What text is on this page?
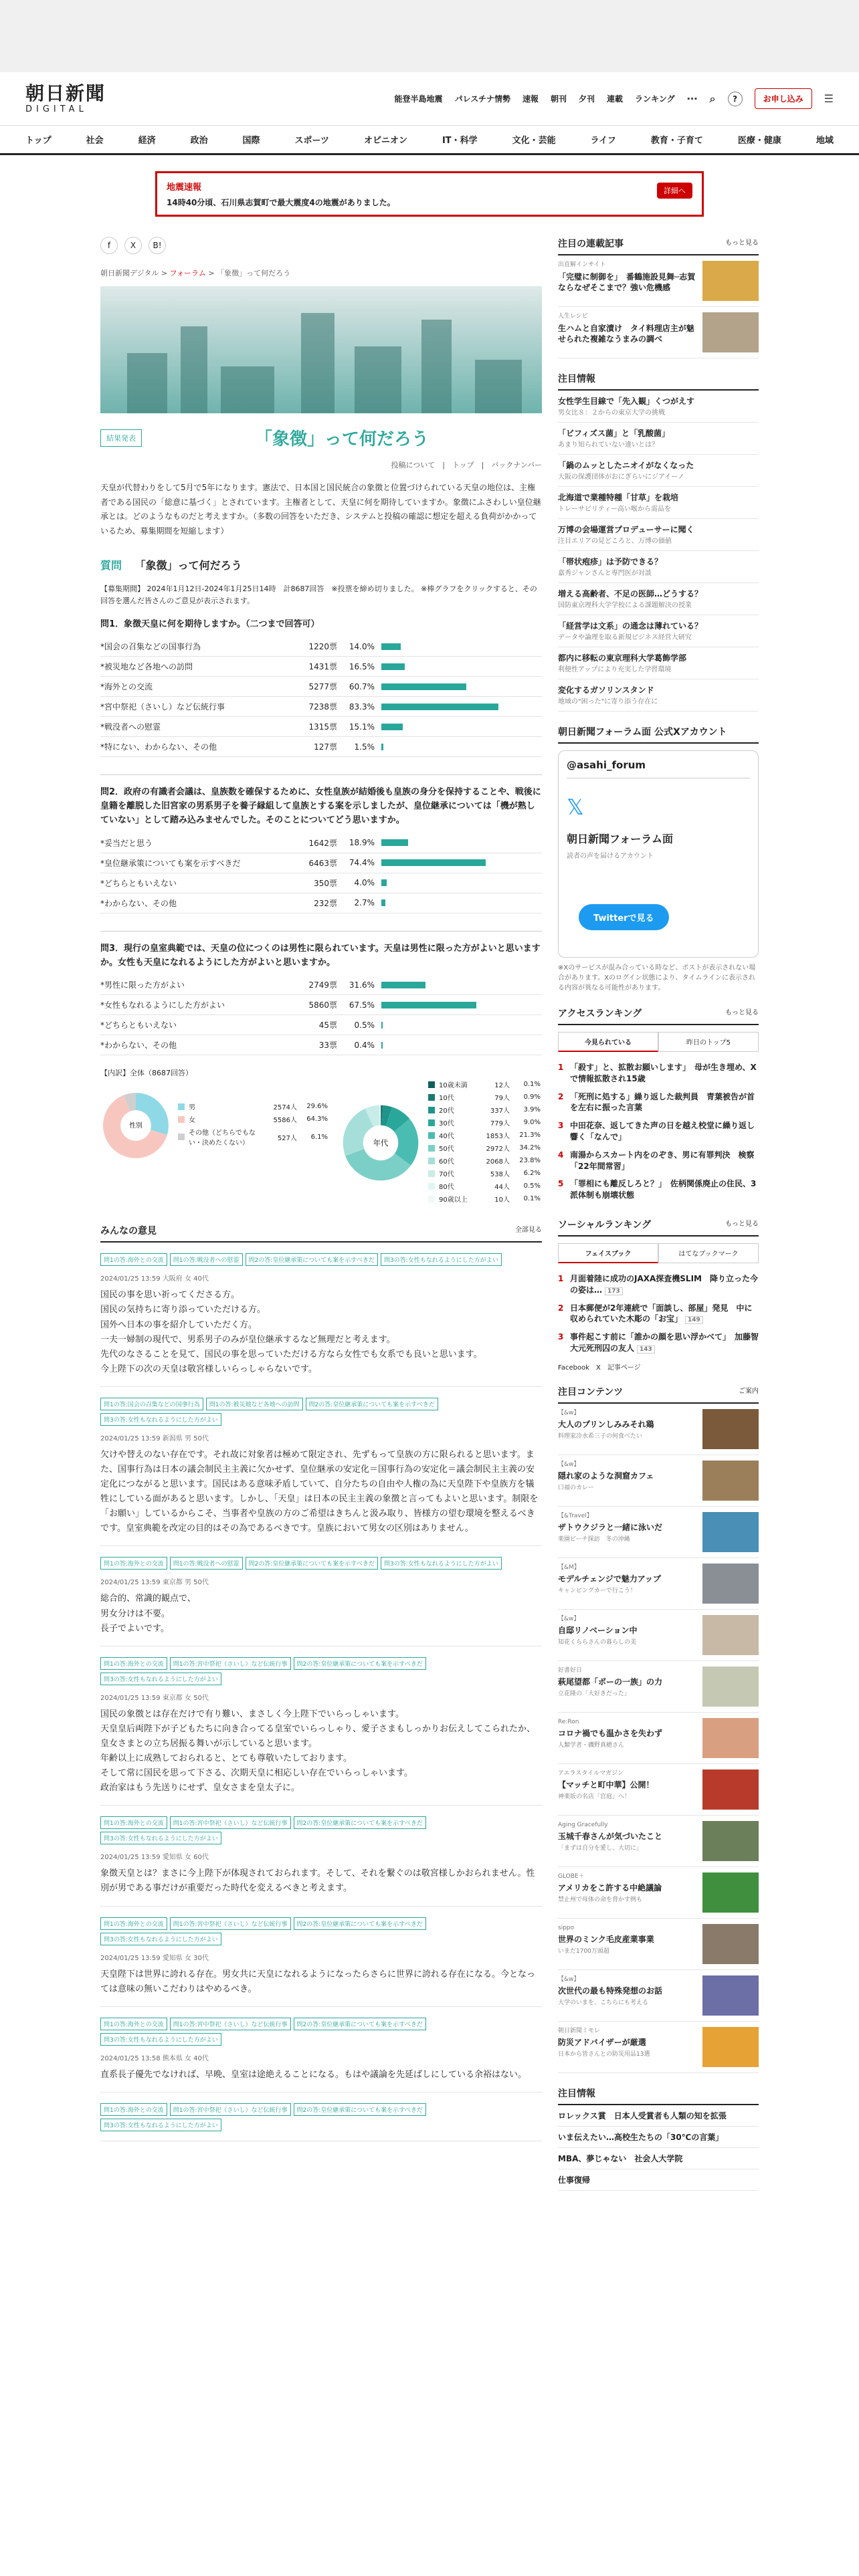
朝日新聞
DIGITAL
能登半島地震 パレスチナ情勢 速報 朝刊 夕刊 連載 ランキング ⋯ ⌕	?	お申し込み	☰
トップ	社会	経済	政治	国際	スポーツ	オピニオン	IT・科学	文化・芸能	ライフ	教育・子育て	医療・健康	地域
地震速報
14時40分頃、石川県志賀町で最大震度4の地震がありました。
詳細へ
f	X	B!
朝日新聞デジタル > フォーラム > 「象徴」って何だろう
結果発表	「象徴」って何だろう
投稿について　|　トップ　|　バックナンバー

天皇が代替わりをして5月で5年になります。憲法で、日本国と国民統合の象徴と位置づけられている天皇の地位は、主権者である国民の「総意に基づく」とされています。主権者として、天皇に何を期待していますか。象徴にふさわしい皇位継承とは。どのようなものだと考えますか。（多数の回答をいただき、システムと投稿の確認に想定を超える負荷がかかっているため、募集期間を短縮します）

質問 「象徴」って何だろう

【募集期間】 2024年1月12日-2024年1月25日14時　計8687回答　※投票を締め切りました。 ※棒グラフをクリックすると、その回答を選んだ皆さんのご意見が表示されます。

問1．象徴天皇に何を期待しますか。（二つまで回答可）
*国会の召集などの国事行為	1220票	14.0%
*被災地など各地への訪問	1431票	16.5%
*海外との交流	5277票	60.7%
*宮中祭祀（さいし）など伝統行事	7238票	83.3%
*戦没者への慰霊	1315票	15.1%
*特にない、わからない、その他	127票	1.5%
問2．政府の有識者会議は、皇族数を確保するために、女性皇族が結婚後も皇族の身分を保持することや、戦後に皇籍を離脱した旧宮家の男系男子を養子縁組して皇族とする案を示しましたが、皇位継承については「機が熟していない」として踏み込みませんでした。そのことについてどう思いますか。
*妥当だと思う	1642票	18.9%
*皇位継承策についても案を示すべきだ	6463票	74.4%
*どちらともいえない	350票	4.0%
*わからない、その他	232票	2.7%
問3．現行の皇室典範では、天皇の位につくのは男性に限られています。天皇は男性に限った方がよいと思いますか。女性も天皇になれるようにした方がよいと思いますか。
*男性に限った方がよい	2749票	31.6%
*女性もなれるようにした方がよい	5860票	67.5%
*どちらともいえない	45票	0.5%
*わからない、その他	33票	0.4%
【内訳】全体（8687回答）
性別
男	2574人	29.6%
女	5586人	64.3%
その他（どちらでもない・決めたくない）
527人	6.1%
年代
10歳未満	12人	0.1%
10代	79人	0.9%
20代	337人	3.9%
30代	779人	9.0%
40代	1853人	21.3%
50代	2972人	34.2%
60代	2068人	23.8%
70代	538人	6.2%
80代	44人	0.5%
90歳以上	10人	0.1%
みんなの意見	全部見る
問1の答:海外との交流	問1の答:戦没者への慰霊	問2の答:皇位継承策についても案を示すべきだ	問3の答:女性もなれるようにした方がよい
2024/01/25 13:59 大阪府 女 40代
国民の事を思い祈ってくださる方。
国民の気持ちに寄り添っていただける方。
国外へ日本の事を紹介していただく方。
一夫一婦制の現代で、男系男子のみが皇位継承するなど無理だと考えます。
先代のなさることを見て、国民の事を思っていただける方なら女性でも女系でも良いと思います。
今上陛下の次の天皇は敬宮様しいらっしゃらないです。
問1の答:国会の召集などの国事行為	問1の答:被災地など各地への訪問	問2の答:皇位継承策についても案を示すべきだ
問3の答:女性もなれるようにした方がよい
2024/01/25 13:59 新潟県 男 50代
欠けや替えのない存在です。それ故に対象者は極めて限定され、先ずもって皇族の方に限られると思います。また、国事行為は日本の議会制民主主義に欠かせず、皇位継承の安定化＝国事行為の安定化＝議会制民主主義の安定化につながると思います。国民はある意味矛盾していて、自分たちの自由や人権の為に天皇陛下や皇族方を犠牲にしている面があると思います。しかし、「天皇」は日本の民主主義の象徴と言ってもよいと思います。制限を「お願い」しているからこそ、当事者や皇族の方のご希望はきちんと汲み取り、皆様方の望む環境を整えるべきです。皇室典範を改定の目的はその為であるべきです。皇族において男女の区別はありません。
問1の答:海外との交流	問1の答:戦没者への慰霊	問2の答:皇位継承策についても案を示すべきだ	問3の答:女性もなれるようにした方がよい
2024/01/25 13:59 東京都 男 50代
総合的、常識的観点で、
男女分けは不要。
長子でよいです。
問1の答:海外との交流	問1の答:宮中祭祀（さいし）など伝統行事	問2の答:皇位継承策についても案を示すべきだ
問3の答:女性もなれるようにした方がよい
2024/01/25 13:59 東京都 女 50代
国民の象徴とは存在だけで有り難い、まさしく今上陛下でいらっしゃいます。
天皇皇后両陛下が子どもたちに向き合ってる皇室でいらっしゃり、愛子さまもしっかりお伝えしてこられたか、皇女さまとの立ち居振る舞いが示していると思います。
年齢以上に成熟しておられると、とても尊敬いたしております。
そして常に国民を思って下さる、次期天皇に相応しい存在でいらっしゃいます。
政治家はもう先送りにせず、皇女さまを皇太子に。
問1の答:海外との交流	問1の答:宮中祭祀（さいし）など伝統行事	問2の答:皇位継承策についても案を示すべきだ
問3の答:女性もなれるようにした方がよい
2024/01/25 13:59 愛知県 女 60代
象徴天皇とは？まさに今上陛下が体現されておられます。そして、それを繋ぐのは敬宮様しかおられません。性別が男である事だけが重要だった時代を変えるべきと考えます。
問1の答:海外との交流	問1の答:宮中祭祀（さいし）など伝統行事	問2の答:皇位継承策についても案を示すべきだ
問3の答:女性もなれるようにした方がよい
2024/01/25 13:59 愛知県 女 30代
天皇陛下は世界に誇れる存在。男女共に天皇になれるようになったらさらに世界に誇れる存在になる。今となっては意味の無いこだわりはやめるべき。
問1の答:海外との交流	問1の答:宮中祭祀（さいし）など伝統行事	問2の答:皇位継承策についても案を示すべきだ
問3の答:女性もなれるようにした方がよい
2024/01/25 13:58 熊本県 女 40代
直系長子優先でなければ、早晩、皇室は途絶えることになる。もはや議論を先延ばしにしている余裕はない。
問1の答:海外との交流	問1の答:宮中祭祀（さいし）など伝統行事	問2の答:皇位継承策についても案を示すべきだ
問3の答:女性もなれるようにした方がよい
注目の連載記事	もっと見る
出直解インサイト
「完璧に制御を」　番鶴施設見舞─志賀ならなぜそこまで？強い危機感
人生レシピ
生ハムと自家漬け　タイ料理店主が魅せられた複雑なうまみの調べ
注目情報
女性学生目線で「先入観」くつがえす
男女比８：２からの東京大学の挑戦
「ビフィズス菌」と「乳酸菌」
あまり知られていない違いとは？
「鍋のムッとしたニオイがなくなった
大阪の保護団体がおにぎらいにジアイーノ
北海道で業種特種「甘草」を栽培
トレーサビリティー高い喉から需品を
万博の会場運営プロデューサーに聞く
注目エリアの見どころと、万博の価値
「帯状疱疹」は予防できる？
嘉秀ジャンさんと専門医が対談
増える高齢者、不足の医師…どうする？
国防東京理科大学学校による課題解決の授業
「経営学は文系」の通念は薄れている？
データや論理を取る新規ビジネス経営大研究
都内に移転の東京理科大学葛飾学部
利便性アップにより充実した学習環境
変化するガソリンスタンド
地域の"困った"に寄り添う存在に
朝日新聞フォーラム面 公式Xアカウント
@asahi_forum
𝕏
朝日新聞フォーラム面
読者の声を届けるアカウント
Twitterで見る

※Xのサービスが混み合っている時など、ポストが表示されない場合があります。Xのログイン状態により、タイムラインに表示される内容が異なる可能性があります。

アクセスランキング	もっと見る
今見られている	昨日のトップ5
1 「殺す」と、拡散お願いします」　母が生き埋め、Xで情報拡散され15歳
2 「死刑に処する」繰り返した裁判員　青葉被告が首を左右に振った言葉
3 中田花奈、返してきた声の日を越え校堂に繰り返し響く「なんで」
4 南湯からスカート内をのぞき、男に有罪判決　検察「22年間常習」
5 「罪相にも離反しろと？」　佐柄関係廃止の住民、3派体制も崩壊状態
ソーシャルランキング	もっと見る
フェイスブック	はてなブックマーク
1 月面着陸に成功のJAXA探査機SLIM　降り立った今の姿は… 173
2 日本郵便が2年連続で「面談し、部屋」発見　中に収められていた木彫の「お宝」 149
3 事件起こす前に「誰かの顔を思い浮かべて」　加藤智大元死刑囚の友人 143
Facebook　X　記事ページ
注目コンテンツ	ご案内
【&w】
大人のプリンしみみそれ鶏
料理家冷水希三子の何食べたい
【&w】
隠れ家のような洞窟カフェ
口福のカレー
【&Travel】
ザトウクジラと一緒に泳いだ
楽園ビーチ探訪　冬の沖縄
【&M】
モデルチェンジで魅力アップ
キャンピングカーで行こう！
【&w】
自邸リノベーション中
知花くららさんの暮らしの美
好書好日
萩尾望都「ポーの一族」の力
立花隆の「大好きだった」
Re:Ron
コロナ禍でも温かさを失わず
人類学者・磯野真穂さん
アエラスタイルマガジン
【マッチと町中華】公開！
神楽坂の名店「官庭」へ！
Aging Gracefully
玉城千春さんが気づいたこと
「まずは自分を愛し、大切に」
GLOBE＋
アメリカをこ許する中絶議論
禁止州で母体の命を脅かす例も
sippo
世界のミンク毛皮産業事業
いまだ1700万頭超
【&w】
次世代の最も特殊発想のお話
大学のいまを、こちらにも考える
朝日新聞ミモレ
防災アドバイザーが厳選
日本から皆さんとの防災用品13選
注目情報
ロレックス賞　日本人受賞者も人類の知を拡張
いま伝えたい…高校生たちの「30℃の言葉」
MBA、夢じゃない　社会人大学院
仕事復帰　
